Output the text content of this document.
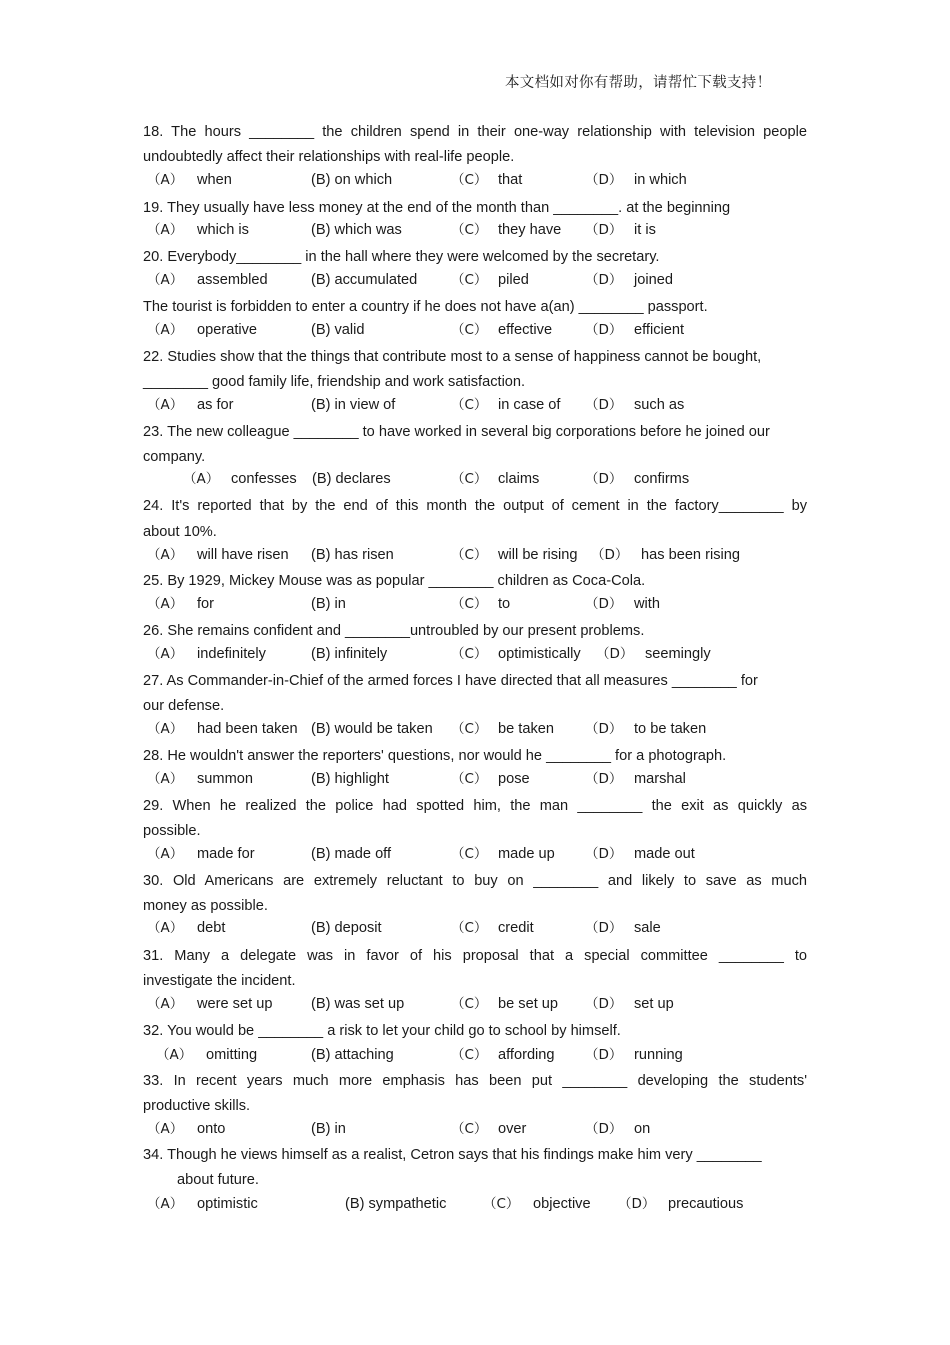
本文档如对你有帮助，请帮忙下载支持！
18. The hours ________ the children spend in their one-way relationship with television people
undoubtedly affect their relationships with real-life people.
（A） when	(B) on which	（C） that	（D） in which
19. They usually have less money at the end of the month than ________. at the beginning
（A） which is	(B) which was	（C） they have （D） it is
20. Everybody________ in the hall where they were welcomed by the secretary.
（A） assembled	(B) accumulated （C） piled	（D） joined
The tourist is forbidden to enter a country if he does not have a(an) ________ passport.
（A） operative	(B) valid	（C） effective （D） efficient
22. Studies show that the things that contribute most to a sense of happiness cannot be bought,
________ good family life, friendship and work satisfaction.
（A） as for	(B) in view of	（C） in case of （D） such as
23. The new colleague ________ to have worked in several big corporations before he joined our
company.
（A） confesses (B) declares	（C） claims	（D） confirms
24. It's reported that by the end of this month the output of cement in the factory________ by
about 10%.
（A） will have risen (B) has risen	（C） will be rising （D） has been rising
25. By 1929, Mickey Mouse was as popular ________ children as Coca-Cola.
（A） for	(B) in	（C） to	（D） with
26. She remains confident and ________untroubled by our present problems.
（A） indefinitely	(B) infinitely	（C） optimistically （D） seemingly
27. As Commander-in-Chief of the armed forces I have directed that all measures ________ for
our defense.
（A） had been taken (B) would be taken （C） be taken （D） to be taken
28. He wouldn't answer the reporters' questions, nor would he ________ for a photograph.
（A） summon	(B) highlight	（C） pose	（D） marshal
29. When he realized the police had spotted him, the man ________ the exit as quickly as
possible.
（A） made for	(B) made off	（C） made up （D） made out
30. Old Americans are extremely reluctant to buy on ________ and likely to save as much
money as possible.
（A） debt	(B) deposit	（C） credit	（D） sale
31. Many a delegate was in favor of his proposal that a special committee ________ to
investigate the incident.
（A） were set up	(B) was set up	（C） be set up （D） set up
32. You would be ________ a risk to let your child go to school by himself.
（A） omitting	(B) attaching	（C） affording （D） running
33. In recent years much more emphasis has been put ________ developing the students'
productive skills.
（A） onto	(B) in	（C） over	（D） on
34. Though he views himself as a realist, Cetron says that his findings make him very ________
about future.
（A） optimistic	(B) sympathetic	（C） objective （D） precautious
